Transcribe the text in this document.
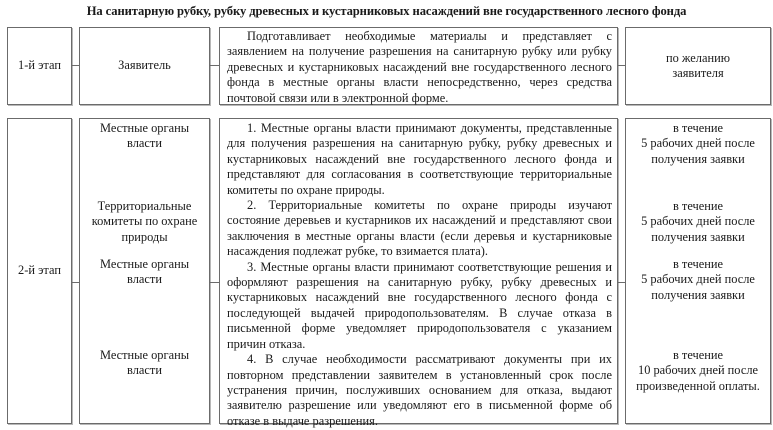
На санитарную рубку, рубку древесных и кустарниковых насаждений вне государственного лесного фонда
1-й этап	Заявитель

Подготавливает необходимые материалы и представляет с заявлением на получение разрешения на санитарную рубку или рубку древесных и кустарниковых насаждений вне государственного лесного фонда в местные органы власти непосредственно, через средства почтовой связи или в электронной форме.

по желанию
заявителя
2-й этап
Местные органы
власти
Территориальные
комитеты по охране
природы
Местные органы
власти
Местные органы
власти

1. Местные органы власти принимают документы, представленные для получения разрешения на санитарную рубку, рубку древесных и кустарниковых насаждений вне государственного лесного фонда и представляют для согласования в соответствующие территориальные комитеты по охране природы.

2. Территориальные комитеты по охране природы изучают состояние деревьев и кустарников их насаждений и представляют свои заключения в местные органы власти (если деревья и кустарниковые насаждения подлежат рубке, то взимается плата).

3. Местные органы власти принимают соответствующие решения и оформляют разрешения на санитарную рубку, рубку древесных и кустарниковых насаждений вне государственного лесного фонда с последующей выдачей природопользователям. В случае отказа в письменной форме уведомляет природопользователя с указанием причин отказа.

4. В случае необходимости рассматривают документы при их повторном представлении заявителем в установленный срок после устранения причин, послуживших основанием для отказа, выдают заявителю разрешение или уведомляют его в письменной форме об отказе в выдаче разрешения.

в течение
5 рабочих дней после
получения заявки
в течение
5 рабочих дней после
получения заявки
в течение
5 рабочих дней после
получения заявки
в течение
10 рабочих дней после
произведенной оплаты.
